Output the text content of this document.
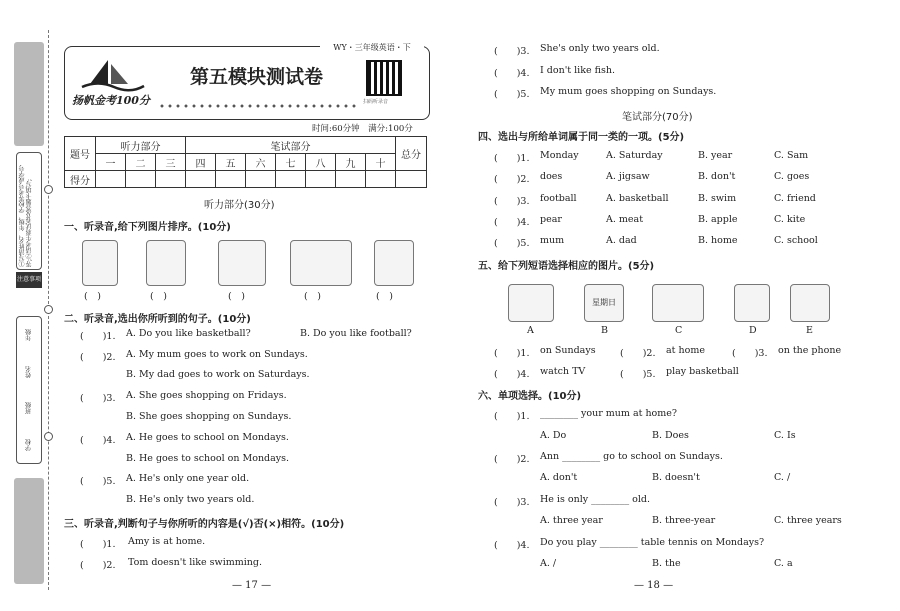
①写清姓名、年级、学校等考号或学号等;②请考生将试卷及答题卡填写;
注意事项
学校
班级
姓名
年级
WY・三年级英语・下
第五模块测试卷
扬帆金考100分	扫码听录音
时间:60分钟　满分:100分
题号	听力部分			笔试部分							总分
	一	二	三	四	五	六	七	八	九	十	
得分											
听力部分(30分)
一、听录音,给下列图片排序。(10分)
(　)	(　)	(　)	(　)	(　)
二、听录音,选出你所听到的句子。(10分)
(　　)1. A. Do you like basketball?	B. Do you like football?
(　　)2. A. My mum goes to work on Sundays.
B. My dad goes to work on Saturdays.
(　　)3. A. She goes shopping on Fridays.
B. She goes shopping on Sundays.
(　　)4. A. He goes to school on Mondays.
B. He goes to school on Mondays.
(　　)5. A. He's only one year old.
B. He's only two years old.
三、听录音,判断句子与你所听的内容是(√)否(×)相符。(10分)
(　　)1. Amy is at home.
(　　)2. Tom doesn't like swimming.
— 17 —
(　　)3. She's only two years old.
(　　)4. I don't like fish.
(　　)5. My mum goes shopping on Sundays.
笔试部分(70分)
四、选出与所给单词属于同一类的一项。(5分)
(　　)1. Monday	A. Saturday	B. year	C. Sam
(　　)2. does	A. jigsaw	B. don't	C. goes
(　　)3. football	A. basketball	B. swim	C. friend
(　　)4. pear	A. meat	B. apple	C. kite
(　　)5. mum	A. dad	B. home	C. school
五、给下列短语选择相应的图片。(5分)
星期日
A	B	C	D	E
(　　)1. on Sundays	(　　)2. at home	(　　)3. on the phone
(　　)4. watch TV	(　　)5. play basketball
六、单项选择。(10分)
(　　)1. ________ your mum at home?
A. Do	B. Does	C. Is
(　　)2. Ann ________ go to school on Sundays.
A. don't	B. doesn't	C. /
(　　)3. He is only ________ old.
A. three year	B. three-year	C. three years
(　　)4. Do you play ________ table tennis on Mondays?
A. /	B. the	C. a
— 18 —
